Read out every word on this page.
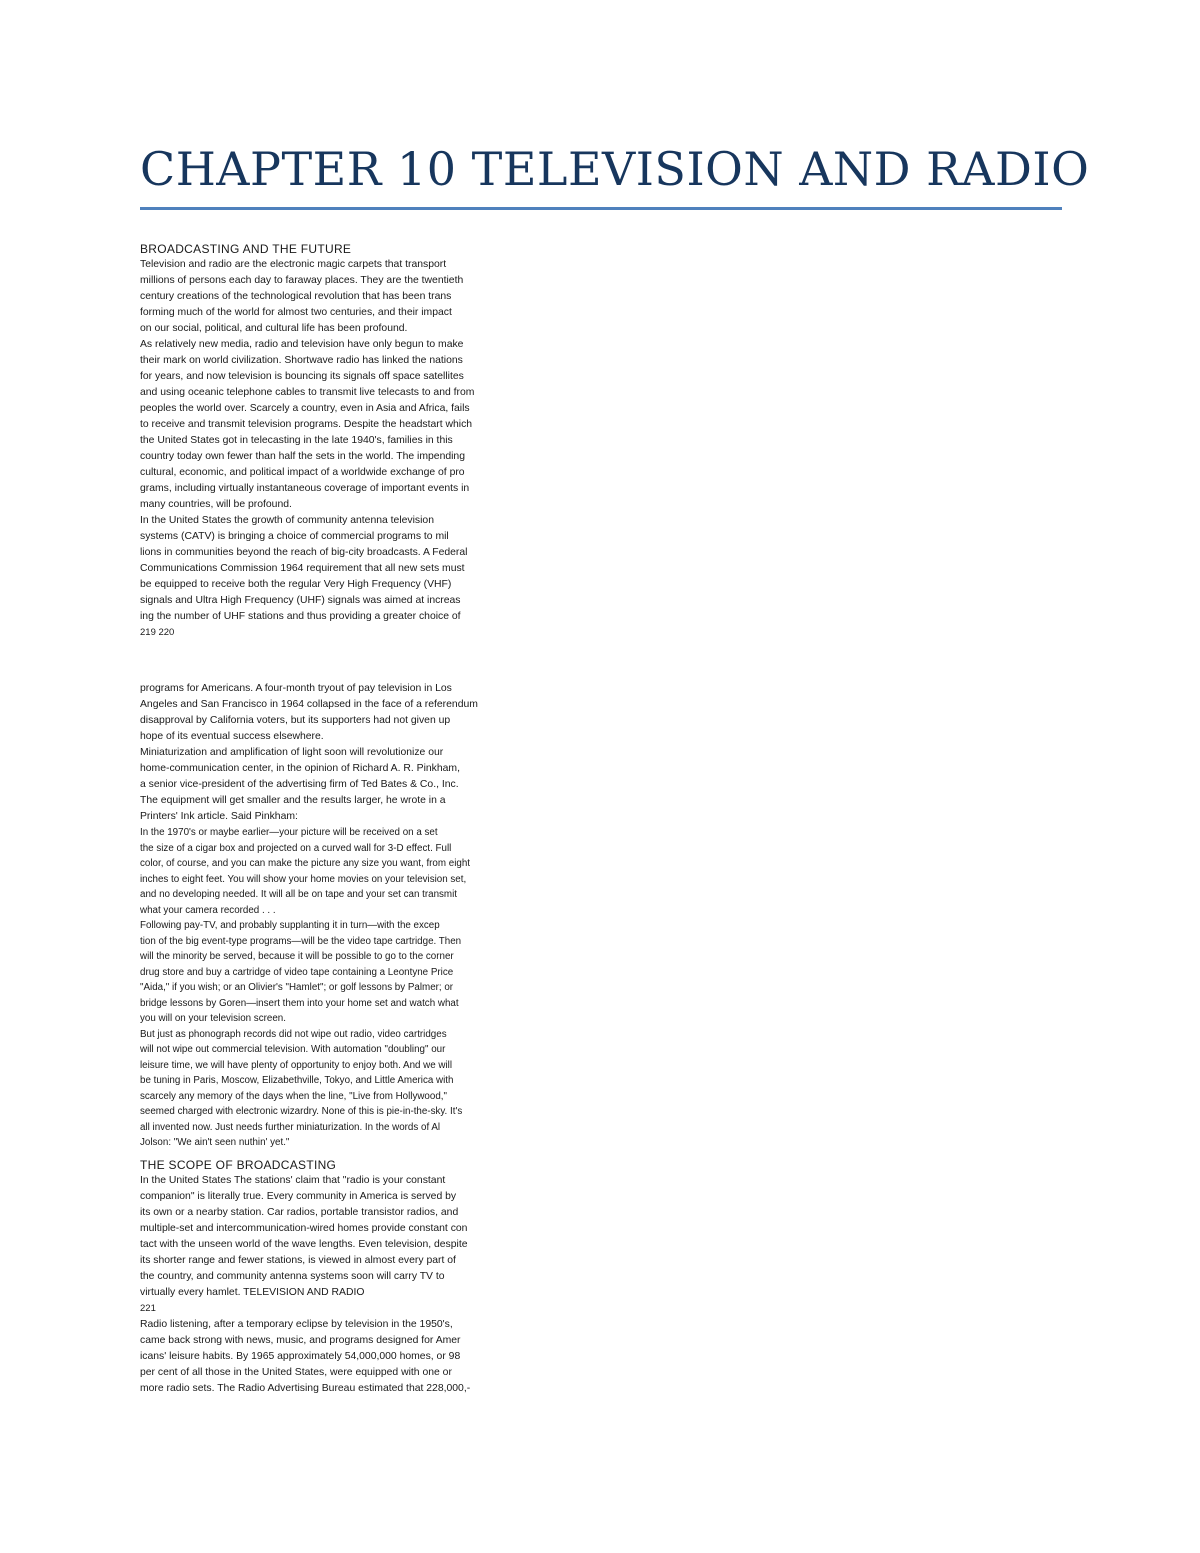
CHAPTER 10 TELEVISION AND RADIO
BROADCASTING AND THE FUTURE
Television and radio are the electronic magic carpets that transport
millions of persons each day to faraway places. They are the twentieth
century creations of the technological revolution that has been trans
forming much of the world for almost two centuries, and their impact
on our social, political, and cultural life has been profound.
As relatively new media, radio and television have only begun to make
their mark on world civilization. Shortwave radio has linked the nations
for years, and now television is bouncing its signals off space satellites
and using oceanic telephone cables to transmit live telecasts to and from
peoples the world over. Scarcely a country, even in Asia and Africa, fails
to receive and transmit television programs. Despite the headstart which
the United States got in telecasting in the late 1940's, families in this
country today own fewer than half the sets in the world. The impending
cultural, economic, and political impact of a worldwide exchange of pro
grams, including virtually instantaneous coverage of important events in
many countries, will be profound.
In the United States the growth of community antenna television
systems (CATV) is bringing a choice of commercial programs to mil
lions in communities beyond the reach of big-city broadcasts. A Federal
Communications Commission 1964 requirement that all new sets must
be equipped to receive both the regular Very High Frequency (VHF)
signals and Ultra High Frequency (UHF) signals was aimed at increas
ing the number of UHF stations and thus providing a greater choice of
219 220
programs for Americans. A four-month tryout of pay television in Los
Angeles and San Francisco in 1964 collapsed in the face of a referendum
disapproval by California voters, but its supporters had not given up
hope of its eventual success elsewhere.
Miniaturization and amplification of light soon will revolutionize our
home-communication center, in the opinion of Richard A. R. Pinkham,
a senior vice-president of the advertising firm of Ted Bates & Co., Inc.
The equipment will get smaller and the results larger, he wrote in a
Printers' Ink article. Said Pinkham:
In the 1970's or maybe earlier—your picture will be received on a set
the size of a cigar box and projected on a curved wall for 3-D effect. Full
color, of course, and you can make the picture any size you want, from eight
inches to eight feet. You will show your home movies on your television set,
and no developing needed. It will all be on tape and your set can transmit
what your camera recorded . . .
Following pay-TV, and probably supplanting it in turn—with the excep
tion of the big event-type programs—will be the video tape cartridge. Then
will the minority be served, because it will be possible to go to the corner
drug store and buy a cartridge of video tape containing a Leontyne Price
"Aida," if you wish; or an Olivier's "Hamlet"; or golf lessons by Palmer; or
bridge lessons by Goren—insert them into your home set and watch what
you will on your television screen.
But just as phonograph records did not wipe out radio, video cartridges
will not wipe out commercial television. With automation "doubling" our
leisure time, we will have plenty of opportunity to enjoy both. And we will
be tuning in Paris, Moscow, Elizabethville, Tokyo, and Little America with
scarcely any memory of the days when the line, "Live from Hollywood,"
seemed charged with electronic wizardry. None of this is pie-in-the-sky. It's
all invented now. Just needs further miniaturization. In the words of Al
Jolson: "We ain't seen nuthin' yet."
THE SCOPE OF BROADCASTING
In the United States The stations' claim that "radio is your constant
companion" is literally true. Every community in America is served by
its own or a nearby station. Car radios, portable transistor radios, and
multiple-set and intercommunication-wired homes provide constant con
tact with the unseen world of the wave lengths. Even television, despite
its shorter range and fewer stations, is viewed in almost every part of
the country, and community antenna systems soon will carry TV to
virtually every hamlet. TELEVISION AND RADIO
221
Radio listening, after a temporary eclipse by television in the 1950's,
came back strong with news, music, and programs designed for Amer
icans' leisure habits. By 1965 approximately 54,000,000 homes, or 98
per cent of all those in the United States, were equipped with one or
more radio sets. The Radio Advertising Bureau estimated that 228,000,-
